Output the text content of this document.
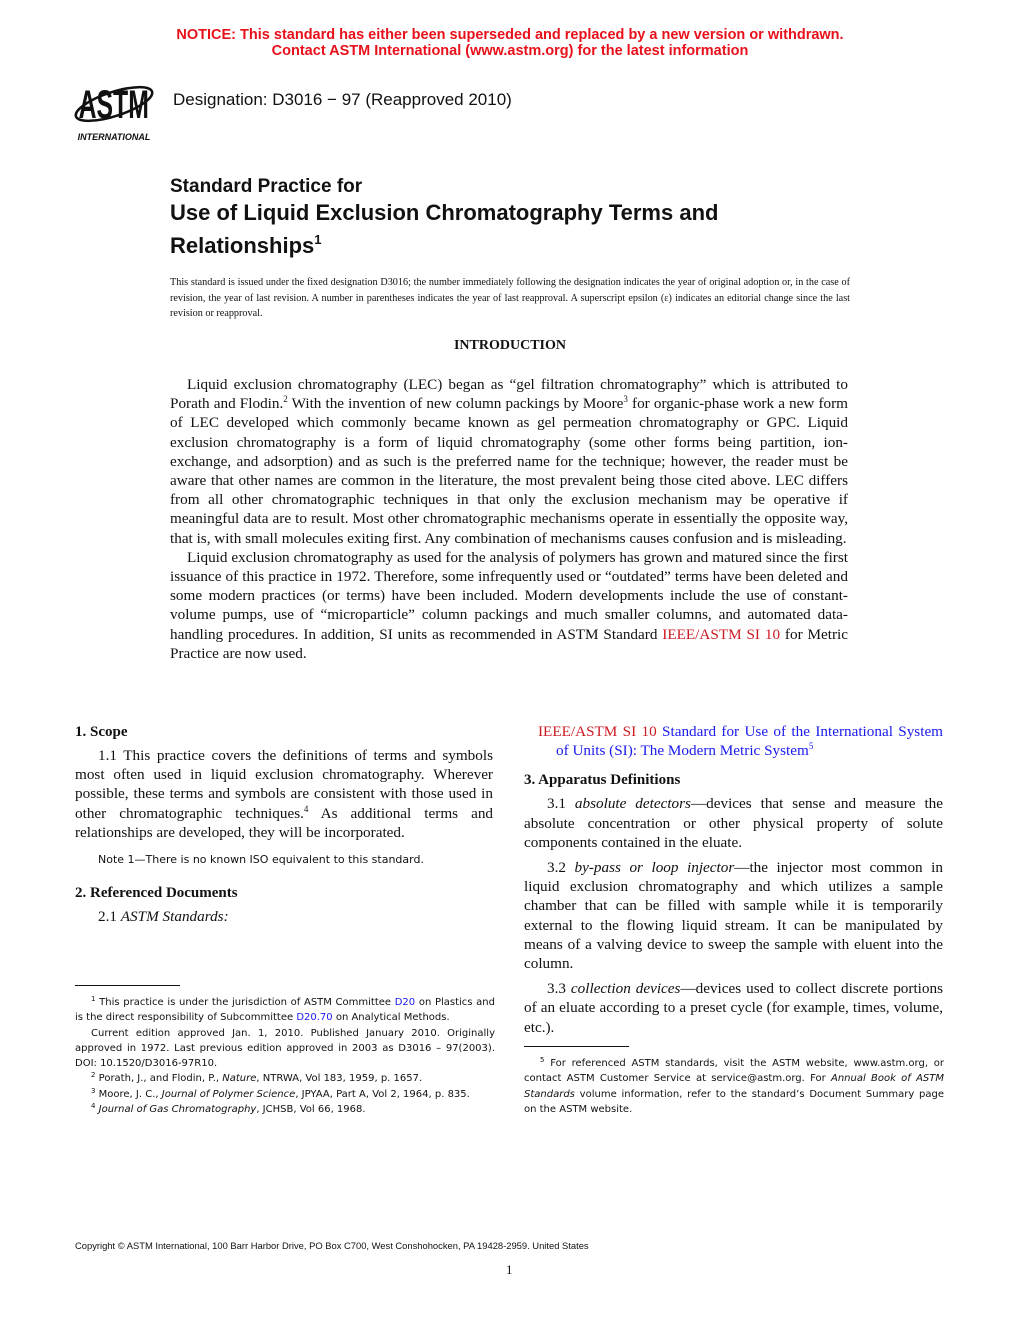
NOTICE: This standard has either been superseded and replaced by a new version or withdrawn.
Contact ASTM International (www.astm.org) for the latest information
ASTM
INTERNATIONAL
Designation: D3016 − 97 (Reapproved 2010)
Standard Practice for
Use of Liquid Exclusion Chromatography Terms and
Relationships$^1$
This standard is issued under the fixed designation D3016; the number immediately following the designation indicates the year of original adoption or, in the case of revision, the year of last revision. A number in parentheses indicates the year of last reapproval. A superscript epsilon (ε) indicates an editorial change since the last revision or reapproval.
INTRODUCTION

Liquid exclusion chromatography (LEC) began as “gel filtration chromatography” which is attributed to Porath and Flodin.$^2$ With the invention of new column packings by Moore$^3$ for organic-phase work a new form of LEC developed which commonly became known as gel permeation chromatography or GPC. Liquid exclusion chromatography is a form of liquid chromatography (some other forms being partition, ion-exchange, and adsorption) and as such is the preferred name for the technique; however, the reader must be aware that other names are common in the literature, the most prevalent being those cited above. LEC differs from all other chromatographic techniques in that only the exclusion mechanism may be operative if meaningful data are to result. Most other chromatographic mechanisms operate in essentially the opposite way, that is, with small molecules exiting first. Any combination of mechanisms causes confusion and is misleading.

Liquid exclusion chromatography as used for the analysis of polymers has grown and matured since the first issuance of this practice in 1972. Therefore, some infrequently used or “outdated” terms have been deleted and some modern practices (or terms) have been included. Modern developments include the use of constant-volume pumps, use of “microparticle” column packings and much smaller columns, and automated data-handling procedures. In addition, SI units as recommended in ASTM Standard IEEE/ASTM SI 10 for Metric Practice are now used.

1. Scope

1.1 This practice covers the definitions of terms and symbols most often used in liquid exclusion chromatography. Wherever possible, these terms and symbols are consistent with those used in other chromatographic techniques.$^4$ As additional terms and relationships are developed, they will be incorporated.

Note 1—There is no known ISO equivalent to this standard.

2. Referenced Documents

2.1 ASTM Standards:

IEEE/ASTM SI 10 Standard for Use of the International System of Units (SI): The Modern Metric System$^5$

3. Apparatus Definitions

3.1 absolute detectors—devices that sense and measure the absolute concentration or other physical property of solute components contained in the eluate.

3.2 by-pass or loop injector—the injector most common in liquid exclusion chromatography and which utilizes a sample chamber that can be filled with sample while it is temporarily external to the flowing liquid stream. It can be manipulated by means of a valving device to sweep the sample with eluent into the column.

3.3 collection devices—devices used to collect discrete portions of an eluate according to a preset cycle (for example, times, volume, etc.).

$^1$ This practice is under the jurisdiction of ASTM Committee D20 on Plastics and is the direct responsibility of Subcommittee D20.70 on Analytical Methods.

Current edition approved Jan. 1, 2010. Published January 2010. Originally approved in 1972. Last previous edition approved in 2003 as D3016 – 97(2003). DOI: 10.1520/D3016-97R10.

$^2$ Porath, J., and Flodin, P., Nature, NTRWA, Vol 183, 1959, p. 1657.

$^3$ Moore, J. C., Journal of Polymer Science, JPYAA, Part A, Vol 2, 1964, p. 835.

$^4$ Journal of Gas Chromatography, JCHSB, Vol 66, 1968.

$^5$ For referenced ASTM standards, visit the ASTM website, www.astm.org, or contact ASTM Customer Service at service@astm.org. For Annual Book of ASTM Standards volume information, refer to the standard’s Document Summary page on the ASTM website.

Copyright © ASTM International, 100 Barr Harbor Drive, PO Box C700, West Conshohocken, PA 19428-2959. United States
1
